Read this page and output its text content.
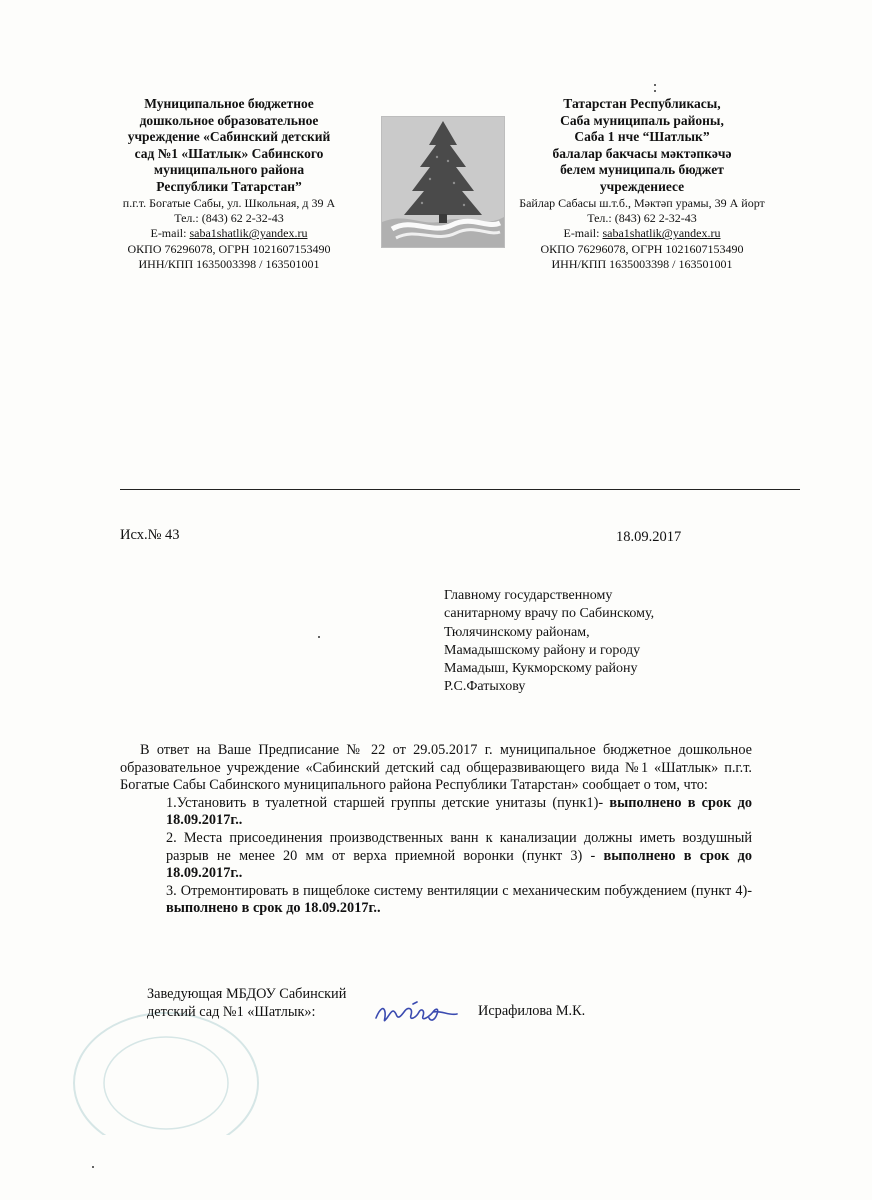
Муниципальное бюджетное
дошкольное образовательное
учреждение «Сабинский детский
сад №1 «Шатлык» Сабинского
муниципального района
Республики Татарстан”
п.г.т. Богатые Сабы, ул. Школьная, д 39 А
Тел.: (843) 62 2-32-43
E-mail: saba1shatlik@yandex.ru
ОКПО 76296078, ОГРН 1021607153490
ИНН/КПП 1635003398 / 163501001
Татарстан Республикасы,
Саба муниципаль районы,
Саба 1 нче “Шатлык”
балалар бакчасы мәктәпкәчә
белем муниципаль бюджет
учреждениесе
Байлар Сабасы ш.т.б., Мәктәп урамы, 39 А йорт
Тел.: (843) 62 2-32-43
E-mail: saba1shatlik@yandex.ru
ОКПО 76296078, ОГРН 1021607153490
ИНН/КПП 1635003398 / 163501001
Исх.№ 43	18.09.2017
Главному государственному
санитарному врачу по Сабинскому,
Тюлячинскому районам,
Мамадышскому району и городу
Мамадыш, Кукморскому району
Р.С.Фатыхову
В ответ на Ваше Предписание № 22 от 29.05.2017 г. муниципальное бюджетное дошкольное образовательное учреждение «Сабинский детский сад общеразвивающего вида №1 «Шатлык» п.г.т. Богатые Сабы Сабинского муниципального района Республики Татарстан» сообщает о том, что:
1.Установить в туалетной старшей группы детские унитазы (пунк1)- выполнено в срок до 18.09.2017г..
2. Места присоединения производственных ванн к канализации должны иметь воздушный разрыв не менее 20 мм от верха приемной воронки (пункт 3) - выполнено в срок до 18.09.2017г..
3. Отремонтировать в пищеблоке систему вентиляции с механическим побуждением (пункт 4)- выполнено в срок до 18.09.2017г..
Заведующая МБДОУ Сабинский
детский сад №1 «Шатлык»:	Исрафилова М.К.
